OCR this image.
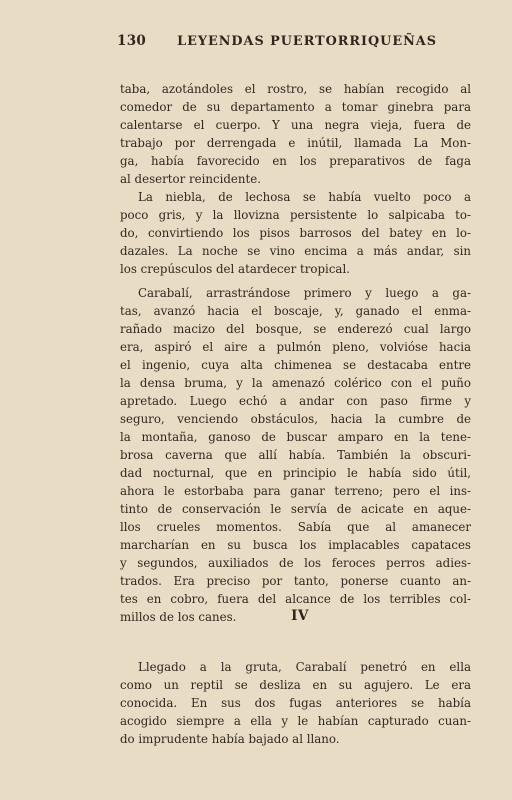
130 LEYENDAS PUERTORRIQUEÑAS
taba, azotándoles el rostro, se habían recogido al
comedor de su departamento a tomar ginebra para
calentarse el cuerpo. Y una negra vieja, fuera de
trabajo por derrengada e inútil, llamada La Mon-
ga, había favorecido en los preparativos de faga
al desertor reincidente.
La niebla, de lechosa se había vuelto poco a
poco gris, y la llovizna persistente lo salpicaba to-
do, convirtiendo los pisos barrosos del batey en lo-
dazales. La noche se vino encima a más andar, sin
los crepúsculos del atardecer tropical.
Carabalí, arrastrándose primero y luego a ga-
tas, avanzó hacia el boscaje, y, ganado el enma-
rañado macizo del bosque, se enderezó cual largo
era, aspiró el aire a pulmón pleno, volvióse hacia
el ingenio, cuya alta chimenea se destacaba entre
la densa bruma, y la amenazó colérico con el puño
apretado. Luego echó a andar con paso firme y
seguro, venciendo obstáculos, hacia la cumbre de
la montaña, ganoso de buscar amparo en la tene-
brosa caverna que allí había. También la obscuri-
dad nocturnal, que en principio le había sido útil,
ahora le estorbaba para ganar terreno; pero el ins-
tinto de conservación le servía de acicate en aque-
llos crueles momentos. Sabía que al amanecer
marcharían en su busca los implacables capataces
y segundos, auxiliados de los feroces perros adies-
trados. Era preciso por tanto, ponerse cuanto an-
tes en cobro, fuera del alcance de los terribles col-
millos de los canes.	IV
Llegado a la gruta, Carabalí penetró en ella
como un reptil se desliza en su agujero. Le era
conocida. En sus dos fugas anteriores se había
acogido siempre a ella y le habían capturado cuan-
do imprudente había bajado al llano.
